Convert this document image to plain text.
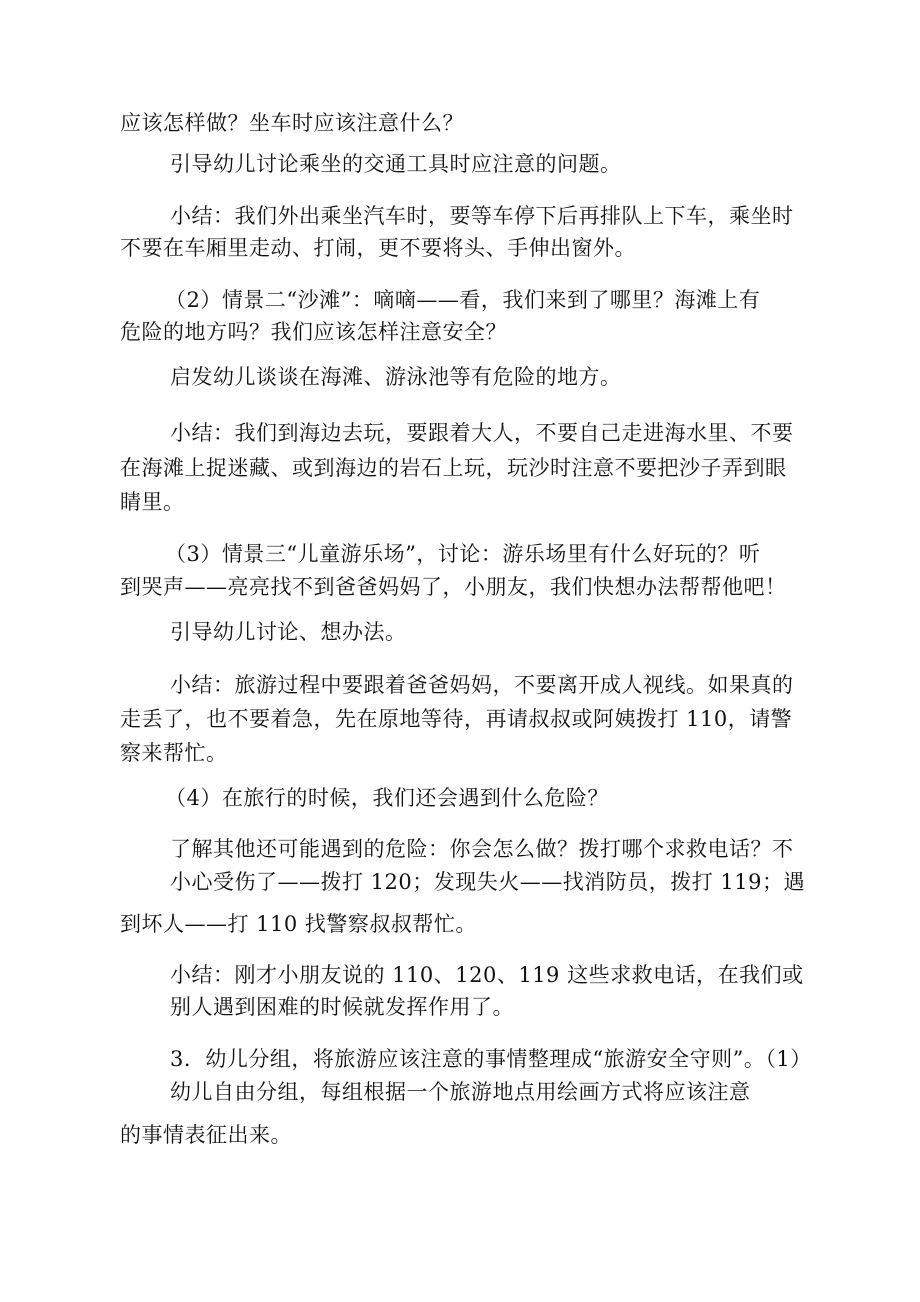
应该怎样做？坐车时应该注意什么？
引导幼儿讨论乘坐的交通工具时应注意的问题。
小结：我们外出乘坐汽车时，要等车停下后再排队上下车，乘坐时
不要在车厢里走动、打闹，更不要将头、手伸出窗外。
（2）情景二“沙滩”：嘀嘀——看，我们来到了哪里？海滩上有
危险的地方吗？我们应该怎样注意安全？
启发幼儿谈谈在海滩、游泳池等有危险的地方。
小结：我们到海边去玩，要跟着大人，不要自己走进海水里、不要
在海滩上捉迷藏、或到海边的岩石上玩，玩沙时注意不要把沙子弄到眼
睛里。
（3）情景三“儿童游乐场”，讨论：游乐场里有什么好玩的？听
到哭声——亮亮找不到爸爸妈妈了，小朋友，我们快想办法帮帮他吧！
引导幼儿讨论、想办法。
小结：旅游过程中要跟着爸爸妈妈，不要离开成人视线。如果真的
走丢了，也不要着急，先在原地等待，再请叔叔或阿姨拨打 110，请警
察来帮忙。
（4）在旅行的时候，我们还会遇到什么危险？
了解其他还可能遇到的危险：你会怎么做？拨打哪个求救电话？不
小心受伤了——拨打 120；发现失火——找消防员，拨打 119；遇
到坏人——打 110 找警察叔叔帮忙。
小结：刚才小朋友说的 110、120、119 这些求救电话，在我们或
别人遇到困难的时候就发挥作用了。
3．幼儿分组，将旅游应该注意的事情整理成“旅游安全守则”。（1）
幼儿自由分组，每组根据一个旅游地点用绘画方式将应该注意
的事情表征出来。
